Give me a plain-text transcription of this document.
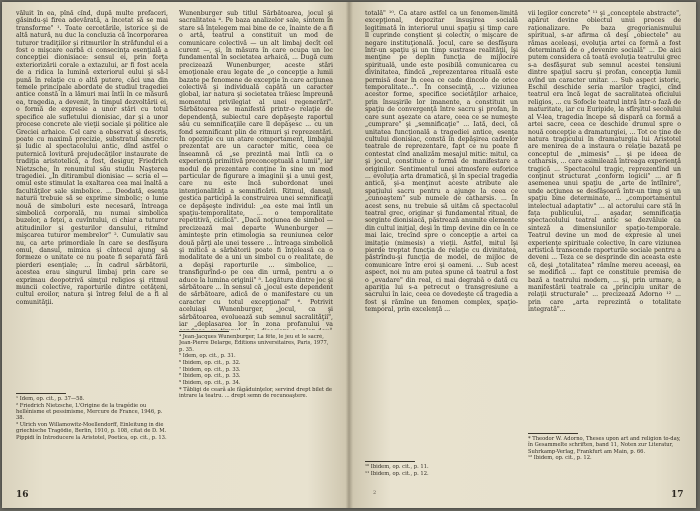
văluit în ea, pînă cînd, după multe prefaceri, găsindu-şi firea adevărată, a încetat să se mai transforme" ¹. Toate cercetările, istorice şi de altă natură, nu duc la concluzia că încorporarea tuturor tradiţiilor şi ritmurilor în străfundul ei a fost o mişcare oarbă ci consecinţa esenţială a concepţiei dionisiace: sensul ei, prin forţa exteriorizării corale a extazului, ar fi fost acela de a ridica la lumină exteriorul eului şi să-l pună în relaţie cu o altă putere, căci una din temele principale abordate de studiul tragediei antice constă în a lămuri mai întîi în ce măsură ea, tragedia, a devenit, în timpul dezvoltării ei, o formă de expresie a unor stări cu totul specifice ale sufletului dionisiac, dar şi a unor procese concrete ale vieţii sociale şi politice ale Greciei arhaice. Cel care a observat şi descris, poate cu maximă precizie, substratul sincretic şi ludic al spectacolului antic, dînd astfel o puternică lovitură prejudecăţilor instaurate de tradiţia aristotelică, a fost, desigur, Friedrich Nietzsche, în renumitul său studiu Naşterea tragediei. „În ditirambul dionisiac — scria el — omul este stimulat la exaltarea cea mai înaltă a facultăţilor sale simbolice. ... Deodată, esenţa naturii trebuie să se exprime simbolic; o lume nouă de simboluri este necesară, întreaga simbolică corporală, nu numai simbolica buzelor, a feţei, a cuvîntului, ci chiar a tuturor atitudinilor şi gesturilor dansului, ritmînd mişcarea tuturor membrelor" ². Cumulativ sau nu, ca arte primordiale în care se desfăşura omul, dansul, mimica şi cîntecul ajung să formeze o unitate ce nu poate fi separată fără pierderi esenţiale; ... în cadrul sărbătorii, acestea erau singurul limbaj prin care se exprimau deopotrivă simţul religios şi ritmul muncii colective, raporturile dintre cetăţeni, cultul eroilor, natura şi întreg felul de a fi al comunităţii.

Wunenburger sub titlul Sărbătoarea, jocul şi sacralitatea ⁴. Pe baza analizelor sale, sintem în stare să înţelegem mai bine de ce, înainte de a fi o artă, teatrul a constituit un mod de comunicare colectivă — un alt limbaj decît cel curent —, şi, în măsura în care ocupa un loc fundamental în societatea arhaică, ... Dugă cum precizează Wunenburger, aceste stări emoţionale erau legate de „o concepţie a lumii bazate pe fenomene de excepţie în care acţiunea colectivă şi individuală capătă un caracter global, iar natura şi societatea trăiesc împreună momentul privilegiat al unei regenerări". Sărbătoarea se manifestă printr-o relaţie de dependenţă, subiectul care depăşeşte raportul său cu semnificaţiile care îl depăşesc ... cu un fond semnificant plin de ritmuri şi reprezentări. În opoziţie cu un atare comportament, limbajul prezentat are un caracter mitic, ceea ce înseamnă că „se prezintă mai întîi ca o experienţă primitivă preconceptuală a lumii", iar modul de prezentare conţine în sine un mod particular de figurare a imaginii şi a unui gest, care nu este încă subordonat unei intenţionalităţi a semnificării. Ritmul, dansul, gestica participă la construirea unei semnificaţii ce depăşeşte individul: „ea este mai întîi un spaţiu-temporalitate, ... o temporalitate repetitivă, ciclică". „Dacă noţiunea de simbol — precizează mai departe Wunenburger — aminteşte prin etimologia sa reuniunea celor două părţi ale unei tessere ... întreaga simbolică şi mitică a sărbătorii poate fi înţeleasă ca o modalitate de a uni un simbol cu o realitate, de a depăşi raporturile ... simbolice, ... transfigurînd-o pe cea din urmă, pentru a o aduce la lumina originii" ⁵. Legătura dintre joc şi sărbătoare ... în sensul că „jocul este dependent de sărbătoare, adică de o manifestare cu un caracter cu totul excepţional" ⁶. Potrivit aceluiaşi Wunenburger, „jocul, ca şi sărbătoarea, evoluează sub semnul sacralităţii", iar „deplasarea lor în zona profanului va

¹ Idem, op. cit., p. 37—58.

² Friedrich Nietzsche, L'Origine de la tragédie ou hellénisme et pessimisme, Mercure de France, 1946, p. 38.

³ Ulrich von Willamowitz-Moellendorff, Einleitung in die griechische Tragödie, Berlin, 1910, p. 108, citat de D. M. Pippidi în Introducere la Aristotel, Poetica, op. cit., p. 13.

⁴ Jean-Jacques Wunenburger, La fête, le jeu et le sacré, Jean-Pierre Delarge, Éditions universitaires, Paris, 1977, p. 35.

⁵ Idem, op. cit., p. 31.

⁶ Ibidem, op. cit., p. 32.

⁷ Ibidem, op. cit., p. 33.

⁸ Ibidem, op. cit., p. 33.

⁹ Ibidem, op. cit., p. 34.

* Tăbligi de ceară ale făgăduinţelor, servind drept bilet de intrare la teatru. ... drept semn de recunoaştere.

16

totală" ¹⁰. Ca atare astfel ca un fenomen-limită excepţional, depozitar însuşirea socială legitimată în interiorul unui spaţiu şi timp care îl cuprinde conştient şi colectiv, o mişcare de negare instituţională. Jocul, care se desfăşura într-un spaţiu şi un timp sustrase realităţii, îşi menţine pe deplin funcţia de mijlocire spirituală, unde este posibilă comunicarea cu divinitatea, fiindcă „reprezentarea rituală este permisă doar în ceea ce cade dincolo de orice temporalitate...". În consecinţă, ... viziunea acestor forme, specifice societăţilor arhaice, prin însuşirile lor imanente, a constituit un spaţiu de convergenţă între sacru şi profan, în care sunt aşezate ca atare, ceea ce se numeşte „cumprare" şi „semnificaţie" ... Iată, deci, că unitatea funcţională a tragediei antice, esenţa cultului dionisiac, constă în depăşirea cadrelor teatrale de reprezentare, fapt ce nu poate fi contestat cînd analizăm mesajul mitic: mitul, ca şi jocul, constituie o formă de manifestare a originilor. Sentimentul unei atmosfere euforice ... evoluţia arta dramatică, şi în special tragedia antică, şi-a menţinut aceste atribute ale spaţiului sacru pentru a ajunge la ceea ce „cunoaştem" sub numele de catharsis. ... În acest sens, nu trebuie să uităm că spectacolul teatral grec, originar şi fundamental ritual, de sorginte dionisiacă, păstrează anumite elemente din cultul iniţial, deşi în timp devine din ce în ce mai laic, trecînd spre o concepţie a artei ca imitaţie (mimesis) a vieţii. Astfel, mitul îşi pierde treptat funcţia de relaţie cu divinitatea, păstrîndu-şi funcţia de model, de mijloc de comunicare între eroi şi oameni. ... Sub acest aspect, noi nu am putea spune că teatrul a fost o „evadare" din real, ci mai degrabă o dată cu apariţia lui s-a petrecut o transgresiune a sacrului în laic, ceea ce dovedeşte că tragedia a fost şi rămîne un fenomen complex, spaţio-temporal, prin excelenţă ...

vii legilor concrete" ¹¹ şi „conceptele abstracte", apărut devine obiectul unui proces de raţionalizare. Pe baza gregorianismului spiritual, s-ar afirma că deşi „obiectele" au rămas aceleaşi, evoluţia artei ca formă a fost determinată de o „devenire socială" ... De aici putem considera că toată evoluţia teatrului grec s-a desfăşurat sub semnul acestei tensiuni dintre spaţiul sacru şi profan, concepţia lumii avînd un caracter unitar. ... Sub aspect istoric, Eschil deschide seria marilor tragici, cînd teatrul era încă legat de sacralitatea oficiului religios, ... cu Sofocle teatrul intră într-o fază de maturitate, iar cu Euripide, la sfîrşitul secolului al V-lea, tragedia începe să dispară ca formă a artei sacre, ceea ce deschide drumul spre o nouă concepţie a dramaturgiei, ... Tot ce ţine de natura tragicului în dramaturgia lui Aristotel are menirea de a instaura o relaţie bazată pe conceptul de „mimesis" ... şi pe ideea de catharsis, ... care asimilează întreaga experienţă tragică ... Spectacolul tragic, reprezentînd un conţinut structurat „conform logicii" ... ar fi asemenea unui spaţiu de „arte de întîlnire", unde acţiunea se desfăşoară într-un timp şi un spaţiu bine determinate, ... „comportamentul intelectual adaptativ" ... al actorului care stă în faţa publicului, ... aşadar, semnificaţia spectacolului teatral antic se dezvăluie ca sinteză a dimensiunilor spaţio-temporale. Teatrul devine un mod de expresie al unei experienţe spirituale colective, în care viziunea artistică transcende raporturile sociale pentru a deveni ... Teza ce se desprinde din aceasta este că, deşi „totalitatea" rămîne mereu aceeaşi, ea se modifică ... fapt ce constituie premisa de bază a teatrului modern, ... şi, prin urmare, a manifestării teatrale ca „principiu unitar de relaţii structurale" ... precizează Adorno ¹² ... prin care „arta reprezintă o totalitate integrată"...

¹⁰ Ibidem, op. cit., p. 11.

¹¹ Ibidem, op. cit., p. 12.

* Theodor W. Adorno, Theses upon art and religion to-day, în Gesammelte schriften, band 11, Noten zur Literatur, Suhrkamp-Verlag, Frankfurt am Main, p. 66.

¹² Ibidem, op. cit., p. 12.

2	17
